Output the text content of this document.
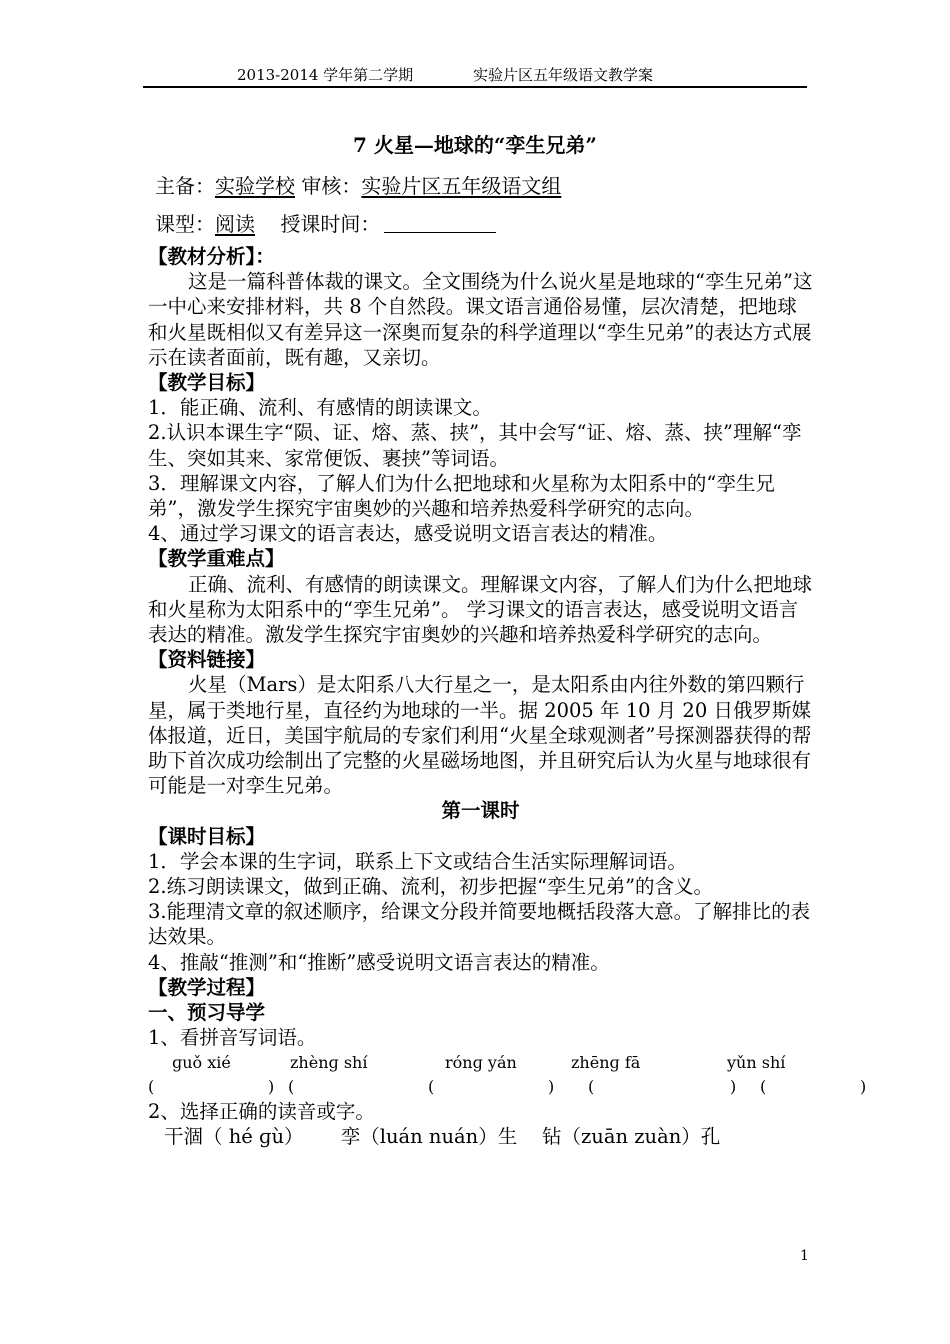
2013-2014 学年第二学期	实验片区五年级语文教学案
7 火星—地球的“孪生兄弟”
主备：实验学校 审核：实验片区五年级语文组
课型：阅读 授课时间：

【教材分析】：

这是一篇科普体裁的课文。全文围绕为什么说火星是地球的“孪生兄弟”这一中心来安排材料，共 8 个自然段。课文语言通俗易懂，层次清楚，把地球和火星既相似又有差异这一深奥而复杂的科学道理以“孪生兄弟”的表达方式展示在读者面前，既有趣，又亲切。

【教学目标】

1．能正确、流利、有感情的朗读课文。

2.认识本课生字“陨、证、熔、蒸、挟”，其中会写“证、熔、蒸、挟”理解“孪生、突如其来、家常便饭、裹挟”等词语。

3．理解课文内容，了解人们为什么把地球和火星称为太阳系中的“孪生兄弟”，激发学生探究宇宙奥妙的兴趣和培养热爱科学研究的志向。

4、通过学习课文的语言表达，感受说明文语言表达的精准。

【教学重难点】

正确、流利、有感情的朗读课文。理解课文内容，了解人们为什么把地球和火星称为太阳系中的“孪生兄弟”。 学习课文的语言表达，感受说明文语言表达的精准。激发学生探究宇宙奥妙的兴趣和培养热爱科学研究的志向。

【资料链接】

火星（Mars）是太阳系八大行星之一，是太阳系由内往外数的第四颗行星，属于类地行星，直径约为地球的一半。据 2005 年 10 月 20 日俄罗斯媒体报道，近日，美国宇航局的专家们利用“火星全球观测者”号探测器获得的帮助下首次成功绘制出了完整的火星磁场地图，并且研究后认为火星与地球很有可能是一对孪生兄弟。

第一课时

【课时目标】

1．学会本课的生字词，联系上下文或结合生活实际理解词语。

2.练习朗读课文，做到正确、流利，初步把握“孪生兄弟”的含义。

3.能理清文章的叙述顺序，给课文分段并简要地概括段落大意。了解排比的表达效果。

4、推敲“推测”和“推断”感受说明文语言表达的精准。

【教学过程】

一、预习导学

1、看拼音写词语。

ɡuǒ xié	zhènɡ shí	rónɡ yán	zhēnɡ fā	yǔn shí

(	) (	(	) (	) (	)

2、选择正确的读音或字。

干涸（ hé ɡù） 孪（luán nuán）生 钻（zuān zuàn）孔

1
